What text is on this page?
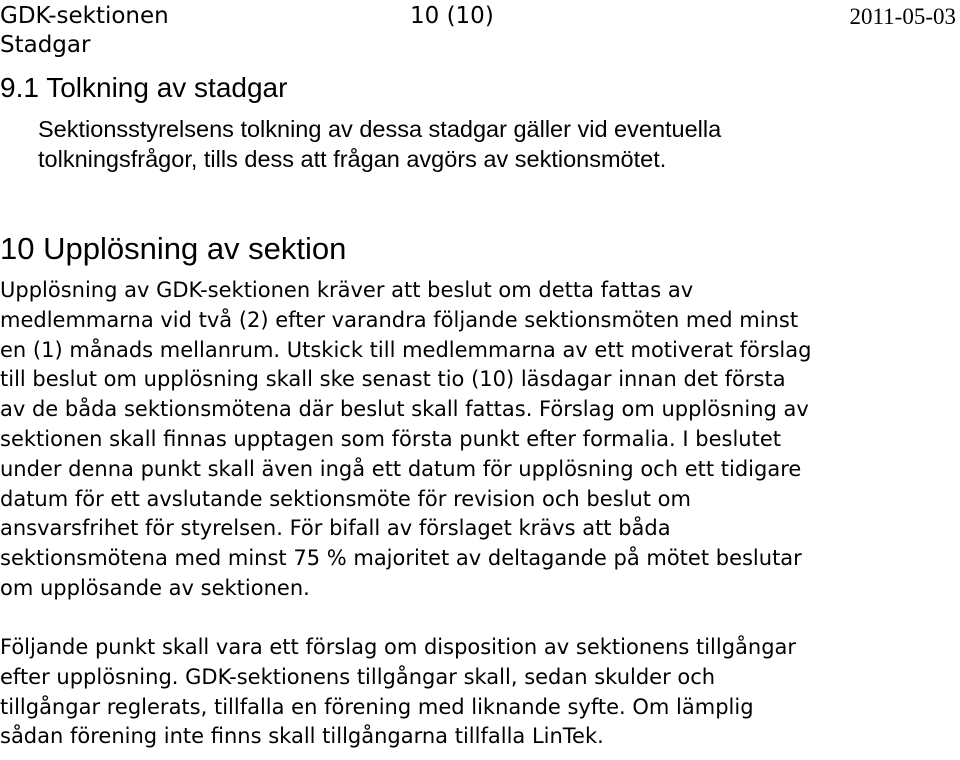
GDK-sektionen
Stadgar
10 (10)	2011-05-03
9.1 Tolkning av stadgar
Sektionsstyrelsens tolkning av dessa stadgar gäller vid eventuella
tolkningsfrågor, tills dess att frågan avgörs av sektionsmötet.
10 Upplösning av sektion
Upplösning av GDK-sektionen kräver att beslut om detta fattas av
medlemmarna vid två (2) efter varandra följande sektionsmöten med minst
en (1) månads mellanrum. Utskick till medlemmarna av ett motiverat förslag
till beslut om upplösning skall ske senast tio (10) läsdagar innan det första
av de båda sektionsmötena där beslut skall fattas. Förslag om upplösning av
sektionen skall finnas upptagen som första punkt efter formalia. I beslutet
under denna punkt skall även ingå ett datum för upplösning och ett tidigare
datum för ett avslutande sektionsmöte för revision och beslut om
ansvarsfrihet för styrelsen. För bifall av förslaget krävs att båda
sektionsmötena med minst 75 % majoritet av deltagande på mötet beslutar
om upplösande av sektionen.
Följande punkt skall vara ett förslag om disposition av sektionens tillgångar
efter upplösning. GDK-sektionens tillgångar skall, sedan skulder och
tillgångar reglerats, tillfalla en förening med liknande syfte. Om lämplig
sådan förening inte finns skall tillgångarna tillfalla LinTek.
